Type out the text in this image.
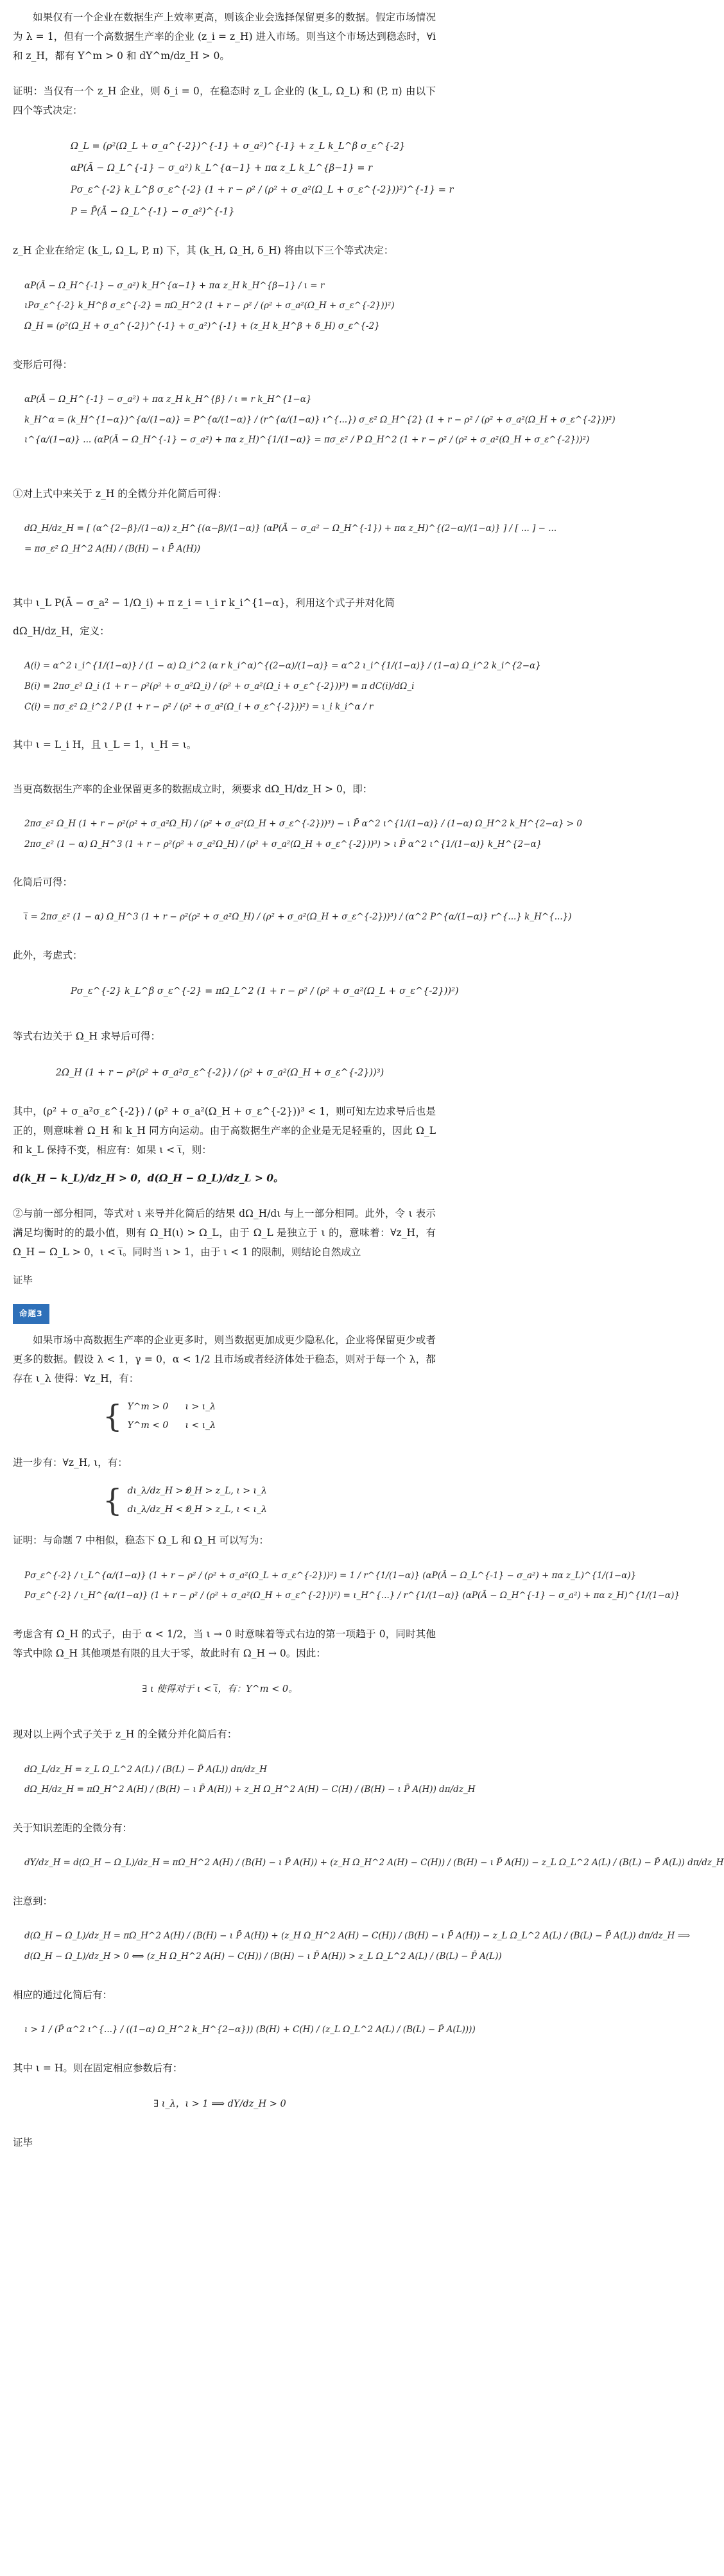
如果仅有一个企业在数据生产上效率更高，则该企业会选择保留更多的数据。假定市场情况为 λ = 1，但有一个高数据生产率的企业 (z_i = z_H) 进入市场。则当这个市场达到稳态时，∀i 和 z_H，都有 Υ^m > 0 和 dΥ^m/dz_H > 0。

证明：当仅有一个 z_H 企业，则 δ_i = 0，在稳态时 z_L 企业的 (k_L, Ω_L) 和 (P, π) 由以下四个等式决定：

Ω_L = (ρ²(Ω_L + σ_a^{-2})^{-1} + σ_a²)^{-1} + z_L k_L^β σ_ε^{-2}
αP(Ā − Ω_L^{-1} − σ_a²) k_L^{α−1} + πα z_L k_L^{β−1} = r
Pσ_ε^{-2} k_L^β σ_ε^{-2} (1 + r − ρ² / (ρ² + σ_a²(Ω_L + σ_ε^{-2}))²)^{-1} = r
P = P̄(Ā − Ω_L^{-1} − σ_a²)^{-1}

z_H 企业在给定 (k_L, Ω_L, P, π) 下，其 (k_H, Ω_H, δ_H) 将由以下三个等式决定：

αP(Ā − Ω_H^{-1} − σ_a²) k_H^{α−1} + πα z_H k_H^{β−1} / ι = r
ιPσ_ε^{-2} k_H^β σ_ε^{-2} = πΩ_H^2 (1 + r − ρ² / (ρ² + σ_a²(Ω_H + σ_ε^{-2}))²)
Ω_H = (ρ²(Ω_H + σ_a^{-2})^{-1} + σ_a²)^{-1} + (z_H k_H^β + δ_H) σ_ε^{-2}

变形后可得：

αP(Ā − Ω_H^{-1} − σ_a²) + πα z_H k_H^{β} / ι = r k_H^{1−α}
k_H^α = (k_H^{1−α})^{α/(1−α)} = P^{α/(1−α)} / (r^{α/(1−α)} ι^{...}) σ_ε² Ω_H^{2} (1 + r − ρ² / (ρ² + σ_a²(Ω_H + σ_ε^{-2}))²)
ι^{α/(1−α)} ... (αP(Ā − Ω_H^{-1} − σ_a²) + πα z_H)^{1/(1−α)} = πσ_ε² / P Ω_H^2 (1 + r − ρ² / (ρ² + σ_a²(Ω_H + σ_ε^{-2}))²)

①对上式中来关于 z_H 的全微分并化简后可得：

dΩ_H/dz_H = [ (α^{2−β}/(1−α)) z_H^{(α−β)/(1−α)} (αP(Ā − σ_a² − Ω_H^{-1}) + πα z_H)^{(2−α)/(1−α)} ] / [ ... ] − ...
= πσ_ε² Ω_H^2 A(H) / (B(H) − ι P̄ A(H))

其中 ι_L P(Ā − σ_a² − 1/Ω_i) + π z_i = ι_i r k_i^{1−α}，利用这个式子并对化简

dΩ_H/dz_H，定义：

A(i) = α^2 ι_i^{1/(1−α)} / (1 − α) Ω_i^2 (α r k_i^α)^{(2−α)/(1−α)} = α^2 ι_i^{1/(1−α)} / (1−α) Ω_i^2 k_i^{2−α}
B(i) = 2πσ_ε² Ω_i (1 + r − ρ²(ρ² + σ_a²Ω_i) / (ρ² + σ_a²(Ω_i + σ_ε^{-2}))³) = π dC(i)/dΩ_i
C(i) = πσ_ε² Ω_i^2 / P (1 + r − ρ² / (ρ² + σ_a²(Ω_i + σ_ε^{-2}))²) = ι_i k_i^α / r

其中 ι = L_i H，且 ι_L = 1，ι_H = ι。

当更高数据生产率的企业保留更多的数据成立时，须要求 dΩ_H/dz_H > 0，即：

2πσ_ε² Ω_H (1 + r − ρ²(ρ² + σ_a²Ω_H) / (ρ² + σ_a²(Ω_H + σ_ε^{-2}))³) − ι P̄ α^2 ι^{1/(1−α)} / (1−α) Ω_H^2 k_H^{2−α} > 0
2πσ_ε² (1 − α) Ω_H^3 (1 + r − ρ²(ρ² + σ_a²Ω_H) / (ρ² + σ_a²(Ω_H + σ_ε^{-2}))³) > ι P̄ α^2 ι^{1/(1−α)} k_H^{2−α}

化简后可得：

ι̅ = 2πσ_ε² (1 − α) Ω_H^3 (1 + r − ρ²(ρ² + σ_a²Ω_H) / (ρ² + σ_a²(Ω_H + σ_ε^{-2}))³) / (α^2 P^{α/(1−α)} r^{...} k_H^{...})

此外，考虑式：

Pσ_ε^{-2} k_L^β σ_ε^{-2} = πΩ_L^2 (1 + r − ρ² / (ρ² + σ_a²(Ω_L + σ_ε^{-2}))²)

等式右边关于 Ω_H 求导后可得：

2Ω_H (1 + r − ρ²(ρ² + σ_a²σ_ε^{-2}) / (ρ² + σ_a²(Ω_H + σ_ε^{-2}))³)

其中，(ρ² + σ_a²σ_ε^{-2}) / (ρ² + σ_a²(Ω_H + σ_ε^{-2}))³ < 1，则可知左边求导后也是正的，则意味着 Ω_H 和 k_H 同方向运动。由于高数据生产率的企业是无足轻重的，因此 Ω_L 和 k_L 保持不变，相应有：如果 ι < ι̅，则：

d(k_H − k_L)/dz_H > 0，d(Ω_H − Ω_L)/dz_L > 0。

②与前一部分相同，等式对 ι 来导并化简后的结果 dΩ_H/dι 与上一部分相同。此外，令 ι 表示满足均衡时的的最小值，则有 Ω_H(ι) > Ω_L，由于 Ω_L 是独立于 ι 的，意味着：∀z_H，有 Ω_H − Ω_L > 0，ι < ι̅。同时当 ι > 1，由于 ι < 1 的限制，则结论自然成立

证毕

命题3

如果市场中高数据生产率的企业更多时，则当数据更加成更少隐私化，企业将保留更少或者更多的数据。假设 λ < 1，γ = 0，α < 1/2 且市场或者经济体处于稳态，则对于每一个 λ，都存在 ι_λ 使得：∀z_H，有：

{ Υ^m > 0 ι > ι_λ
Υ^m < 0 ι < ι_λ

进一步有：∀z_H, ι，有：

{ dι_λ/dz_H > 0z_H > z_L, ι > ι_λ
dι_λ/dz_H < 0z_H > z_L, ι < ι_λ

证明：与命题 7 中相似，稳态下 Ω_L 和 Ω_H 可以写为：

Pσ_ε^{-2} / ι_L^{α/(1−α)} (1 + r − ρ² / (ρ² + σ_a²(Ω_L + σ_ε^{-2}))²) = 1 / r^{1/(1−α)} (αP(Ā − Ω_L^{-1} − σ_a²) + πα z_L)^{1/(1−α)}
Pσ_ε^{-2} / ι_H^{α/(1−α)} (1 + r − ρ² / (ρ² + σ_a²(Ω_H + σ_ε^{-2}))²) = ι_H^{...} / r^{1/(1−α)} (αP(Ā − Ω_H^{-1} − σ_a²) + πα z_H)^{1/(1−α)}

考虑含有 Ω_H 的式子，由于 α < 1/2，当 ι → 0 时意味着等式右边的第一项趋于 0，同时其他等式中除 Ω_H 其他项是有限的且大于零，故此时有 Ω_H → 0。因此：

∃ ι 使得对于 ι < ι̅，有：Υ^m < 0。

现对以上两个式子关于 z_H 的全微分并化简后有：

dΩ_L/dz_H = z_L Ω_L^2 A(L) / (B(L) − P̄ A(L)) dπ/dz_H
dΩ_H/dz_H = πΩ_H^2 A(H) / (B(H) − ι P̄ A(H)) + z_H Ω_H^2 A(H) − C(H) / (B(H) − ι P̄ A(H)) dπ/dz_H

关于知识差距的全微分有：

dΥ/dz_H = d(Ω_H − Ω_L)/dz_H = πΩ_H^2 A(H) / (B(H) − ι P̄ A(H)) + (z_H Ω_H^2 A(H) − C(H)) / (B(H) − ι P̄ A(H)) − z_L Ω_L^2 A(L) / (B(L) − P̄ A(L)) dπ/dz_H

注意到：

d(Ω_H − Ω_L)/dz_H = πΩ_H^2 A(H) / (B(H) − ι P̄ A(H)) + (z_H Ω_H^2 A(H) − C(H)) / (B(H) − ι P̄ A(H)) − z_L Ω_L^2 A(L) / (B(L) − P̄ A(L)) dπ/dz_H ⟹
d(Ω_H − Ω_L)/dz_H > 0 ⟺ (z_H Ω_H^2 A(H) − C(H)) / (B(H) − ι P̄ A(H)) > z_L Ω_L^2 A(L) / (B(L) − P̄ A(L))

相应的通过化简后有：

ι > 1 / (P̄ α^2 ι^{...} / ((1−α) Ω_H^2 k_H^{2−α})) (B(H) + C(H) / (z_L Ω_L^2 A(L) / (B(L) − P̄ A(L))))

其中 ι = H。则在固定相应参数后有：

∃ ι_λ，ι > 1 ⟹ dΥ/dz_H > 0

证毕
